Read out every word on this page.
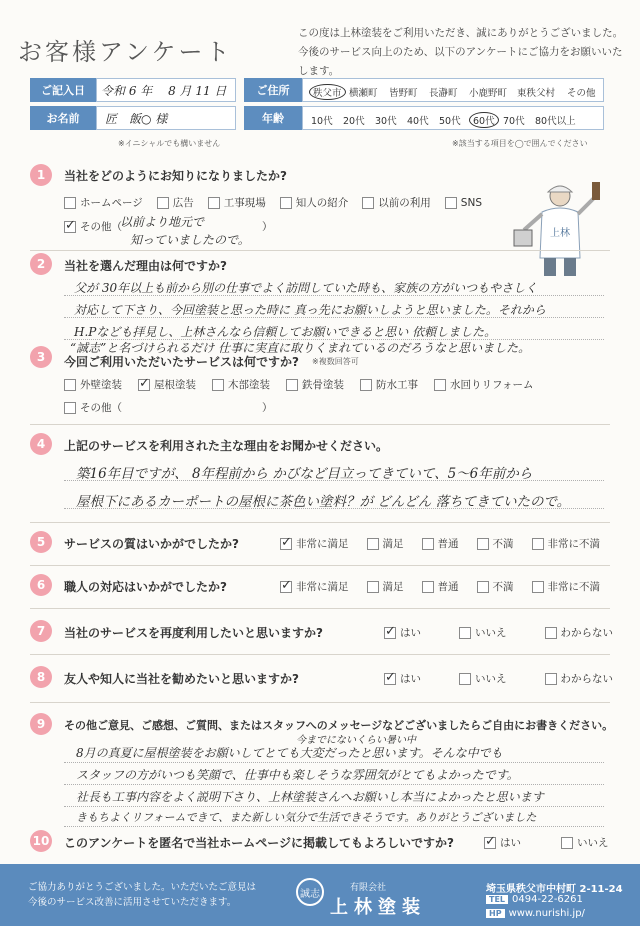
お客様アンケート
この度は上林塗装をご利用いただき、誠にありがとうございました。
今後のサービス向上のため、以下のアンケートにご協力をお願いいたします。
ご記入日	令和 6 年　 8 月 11 日
お名前	匠　飯○ 様
※イニシャルでも構いません
ご住所	秩父市 横瀬町 皆野町 長瀞町 小鹿野町 東秩父村 その他
年齢	10代 20代 30代 40代 50代	60代 70代 80代以上
※該当する項目を◯で囲んでください
1	当社をどのようにお知りになりましたか?
ホームページ	広告	工事現場	知人の紹介	以前の利用	SNS
✓
その他（
以前より地元で
知っていましたので。
）
上林
2	当社を選んだ理由は何ですか?
父が 30年以上も前から別の仕事でよく訪問していた時も、家族の方がいつもやさしく
対応して下さり、今回塗装と思った時に 真っ先にお願いしようと思いました。それから
H.Pなども拝見し、上林さんなら信頼してお願いできると思い 依頼しました。
“誠志”と名づけられるだけ 仕事に実直に取りくまれているのだろうなと思いました。
3	今回ご利用いただいたサービスは何ですか? ※複数回答可
外壁塗装 ✓	屋根塗装	木部塗装	鉄骨塗装	防水工事	水回りリフォーム
その他（	）
4	上記のサービスを利用された主な理由をお聞かせください。
築16年目ですが、 8年程前から かびなど目立ってきていて、5～6年前から
屋根下にあるカーポートの屋根に茶色い塗料？が どんどん 落ちてきていたので。
5	サービスの質はいかがでしたか? ✓	非常に満足	満足	普通	不満	非常に不満
6	職人の対応はいかがでしたか? ✓	非常に満足	満足	普通	不満	非常に不満
7	当社のサービスを再度利用したいと思いますか? ✓	はい	いいえ	わからない
8	友人や知人に当社を勧めたいと思いますか? ✓	はい	いいえ	わからない
9	その他ご意見、ご感想、ご質問、またはスタッフへのメッセージなどございましたらご自由にお書きください。
今までにないくらい暑い中
8月の真夏に屋根塗装をお願いしてとても大変だったと思います。そんな中でも
スタッフの方がいつも笑顔で、仕事中も楽しそうな雰囲気がとてもよかったです。
社長も工事内容をよく説明下さり、上林塗装さんへお願いし本当によかったと思います
きもちよくリフォームできて、また新しい気分で生活できそうです。ありがとうございました
10 このアンケートを匿名で当社ホームページに掲載してもよろしいですか? ✓	はい	いいえ
ご協力ありがとうございました。いただいたご意見は
今後のサービス改善に活用させていただきます。
誠志
有限会社
上林塗装
埼玉県秩父市中村町 2-11-24
TEL 0494-22-6261
HP www.nurishi.jp/
